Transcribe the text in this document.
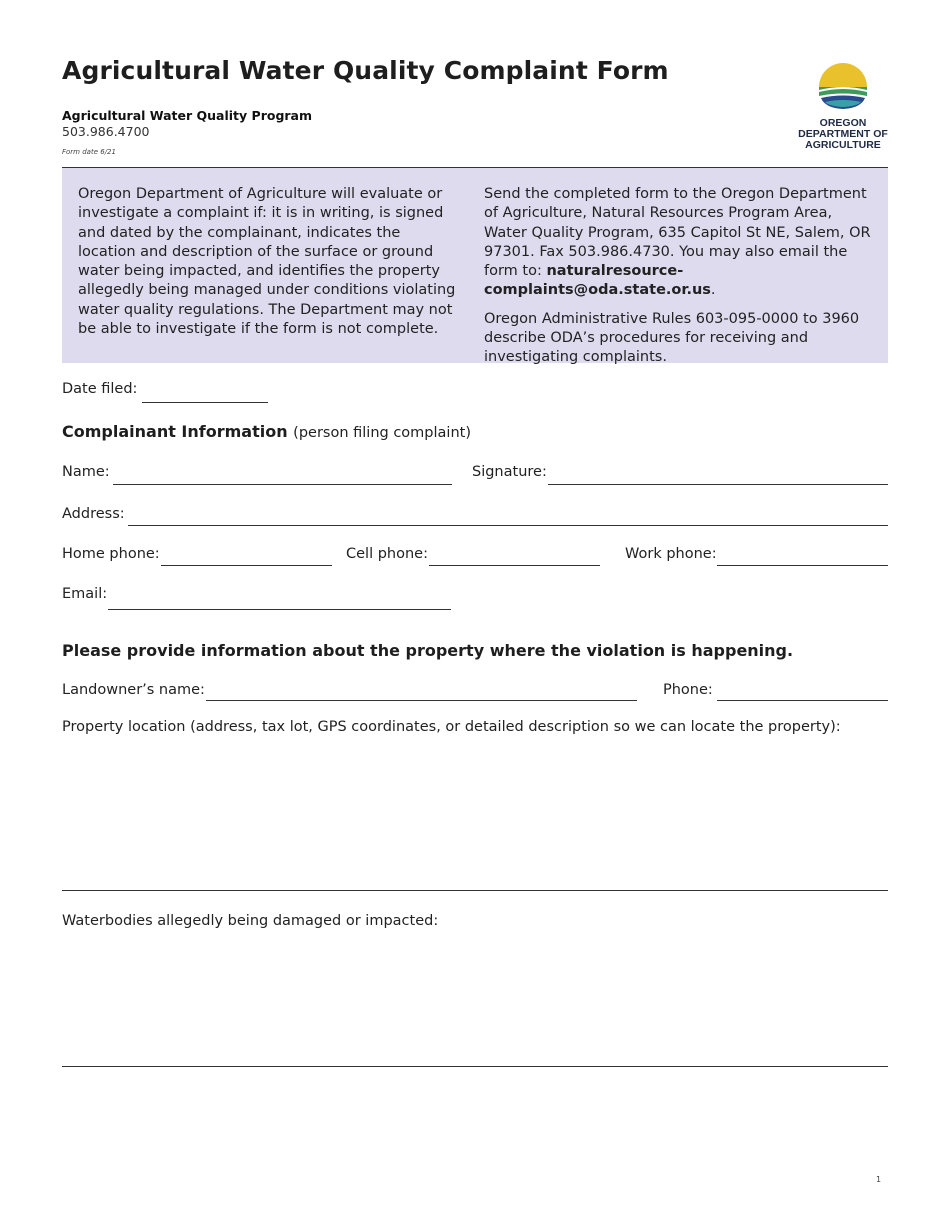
Agricultural Water Quality Complaint Form
Agricultural Water Quality Program
503.986.4700
Form date 6/21
OREGON
DEPARTMENT OF
AGRICULTURE

Oregon Department of Agriculture will evaluate or investigate a complaint if: it is in writing, is signed and dated by the complainant, indicates the location and description of the surface or ground water being impacted, and identifies the property allegedly being managed under conditions violating water quality regulations. The Department may not be able to investigate if the form is not complete.

Send the completed form to the Oregon Department of Agriculture, Natural Resources Program Area, Water Quality Program, 635 Capitol St NE, Salem, OR 97301. Fax 503.986.4730. You may also email the form to: naturalresource-complaints@oda.state.or.us.

Oregon Administrative Rules 603-095-0000 to 3960 describe ODA’s procedures for receiving and investigating complaints.

Date filed:
Complainant Information (person filing complaint)
Name:	Signature:
Address:
Home phone:	Cell phone:	Work phone:
Email:
Please provide information about the property where the violation is happening.
Landowner’s name:	Phone:
Property location (address, tax lot, GPS coordinates, or detailed description so we can locate the property):
Waterbodies allegedly being damaged or impacted:
1
